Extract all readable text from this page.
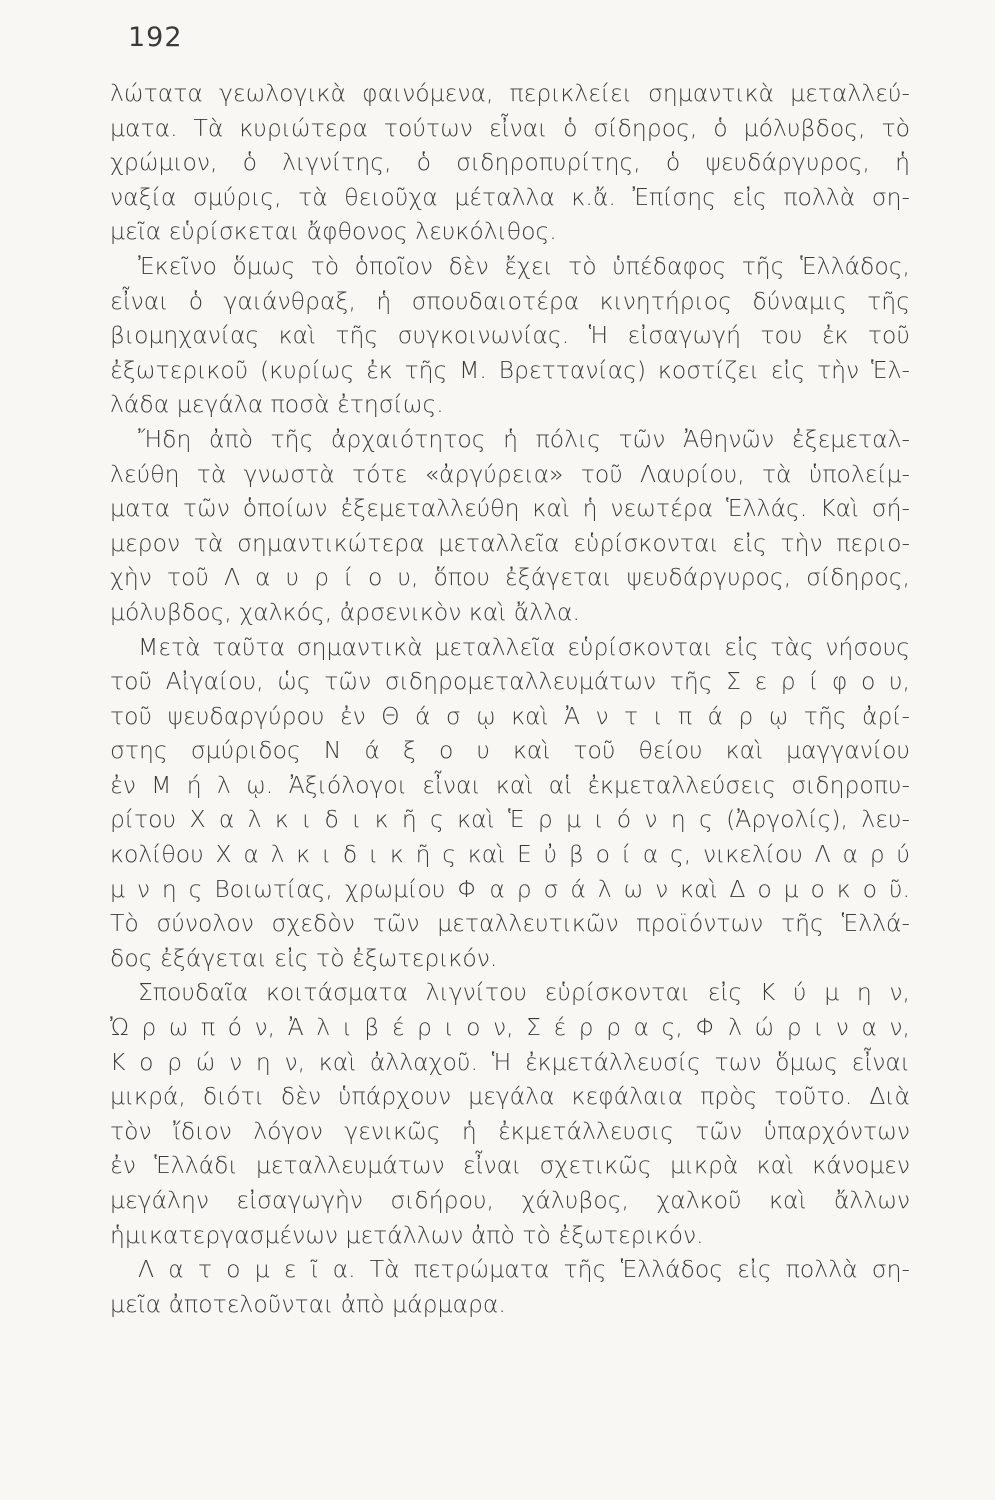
192
λώτατα γεωλογικὰ φαινόμενα, περικλείει σημαντικὰ μεταλλεύ-
ματα. Τὰ κυριώτερα τούτων εἶναι ὁ σίδηρος, ὁ μόλυβδος, τὸ
χρώμιον, ὁ λιγνίτης, ὁ σιδηροπυρίτης, ὁ ψευδάργυρος, ἡ
ναξία σμύρις, τὰ θειοῦχα μέταλλα κ.ἄ. Ἐπίσης εἰς πολλὰ ση-
μεῖα εὑρίσκεται ἄφθονος λευκόλιθος.
Ἐκεῖνο ὅμως τὸ ὁποῖον δὲν ἔχει τὸ ὑπέδαφος τῆς Ἑλλάδος,
εἶναι ὁ γαιάνθραξ, ἡ σπουδαιοτέρα κινητήριος δύναμις τῆς
βιομηχανίας καὶ τῆς συγκοινωνίας. Ἡ εἰσαγωγή του ἐκ τοῦ
ἐξωτερικοῦ (κυρίως ἐκ τῆς Μ. Βρεττανίας) κοστίζει εἰς τὴν Ἑλ-
λάδα μεγάλα ποσὰ ἐτησίως.
Ἤδη ἀπὸ τῆς ἀρχαιότητος ἡ πόλις τῶν Ἀθηνῶν ἐξεμεταλ-
λεύθη τὰ γνωστὰ τότε «ἀργύρεια» τοῦ Λαυρίου, τὰ ὑπολείμ-
ματα τῶν ὁποίων ἐξεμεταλλεύθη καὶ ἡ νεωτέρα Ἑλλάς. Καὶ σή-
μερον τὰ σημαντικώτερα μεταλλεῖα εὑρίσκονται εἰς τὴν περιο-
χὴν τοῦ Λ α υ ρ ί ο υ, ὅπου ἐξάγεται ψευδάργυρος, σίδηρος,
μόλυβδος, χαλκός, ἀρσενικὸν καὶ ἄλλα.
Μετὰ ταῦτα σημαντικὰ μεταλλεῖα εὑρίσκονται εἰς τὰς νήσους
τοῦ Αἰγαίου, ὡς τῶν σιδηρομεταλλευμάτων τῆς Σ ε ρ ί φ ο υ,
τοῦ ψευδαργύρου ἐν Θ ά σ ῳ καὶ Ἀ ν τ ι π ά ρ ῳ τῆς ἀρί-
στης σμύριδος Ν ά ξ ο υ καὶ τοῦ θείου καὶ μαγγανίου
ἐν Μ ή λ ῳ. Ἀξιόλογοι εἶναι καὶ αἱ ἐκμεταλλεύσεις σιδηροπυ-
ρίτου Χ α λ κ ι δ ι κ ῆ ς καὶ Ἑ ρ μ ι ό ν η ς (Ἀργολίς), λευ-
κολίθου Χ α λ κ ι δ ι κ ῆ ς καὶ Ε ὐ β ο ί α ς, νικελίου Λ α ρ ύ
μ ν η ς Βοιωτίας, χρωμίου Φ α ρ σ ά λ ω ν καὶ Δ ο μ ο κ ο ῦ.
Τὸ σύνολον σχεδὸν τῶν μεταλλευτικῶν προϊόντων τῆς Ἑλλά-
δος ἐξάγεται εἰς τὸ ἐξωτερικόν.
Σπουδαῖα κοιτάσματα λιγνίτου εὑρίσκονται εἰς Κ ύ μ η ν,
Ὠ ρ ω π ό ν, Ἀ λ ι β έ ρ ι ο ν, Σ έ ρ ρ α ς, Φ λ ώ ρ ι ν α ν,
Κ ο ρ ώ ν η ν, καὶ ἀλλαχοῦ. Ἡ ἐκμετάλλευσίς των ὅμως εἶναι
μικρά, διότι δὲν ὑπάρχουν μεγάλα κεφάλαια πρὸς τοῦτο. Διὰ
τὸν ἴδιον λόγον γενικῶς ἡ ἐκμετάλλευσις τῶν ὑπαρχόντων
ἐν Ἑλλάδι μεταλλευμάτων εἶναι σχετικῶς μικρὰ καὶ κάνομεν
μεγάλην εἰσαγωγὴν σιδήρου, χάλυβος, χαλκοῦ καὶ ἄλλων
ἡμικατεργασμένων μετάλλων ἀπὸ τὸ ἐξωτερικόν.
Λ α τ ο μ ε ῖ α. Τὰ πετρώματα τῆς Ἑλλάδος εἰς πολλὰ ση-
μεῖα ἀποτελοῦνται ἀπὸ μάρμαρα.
